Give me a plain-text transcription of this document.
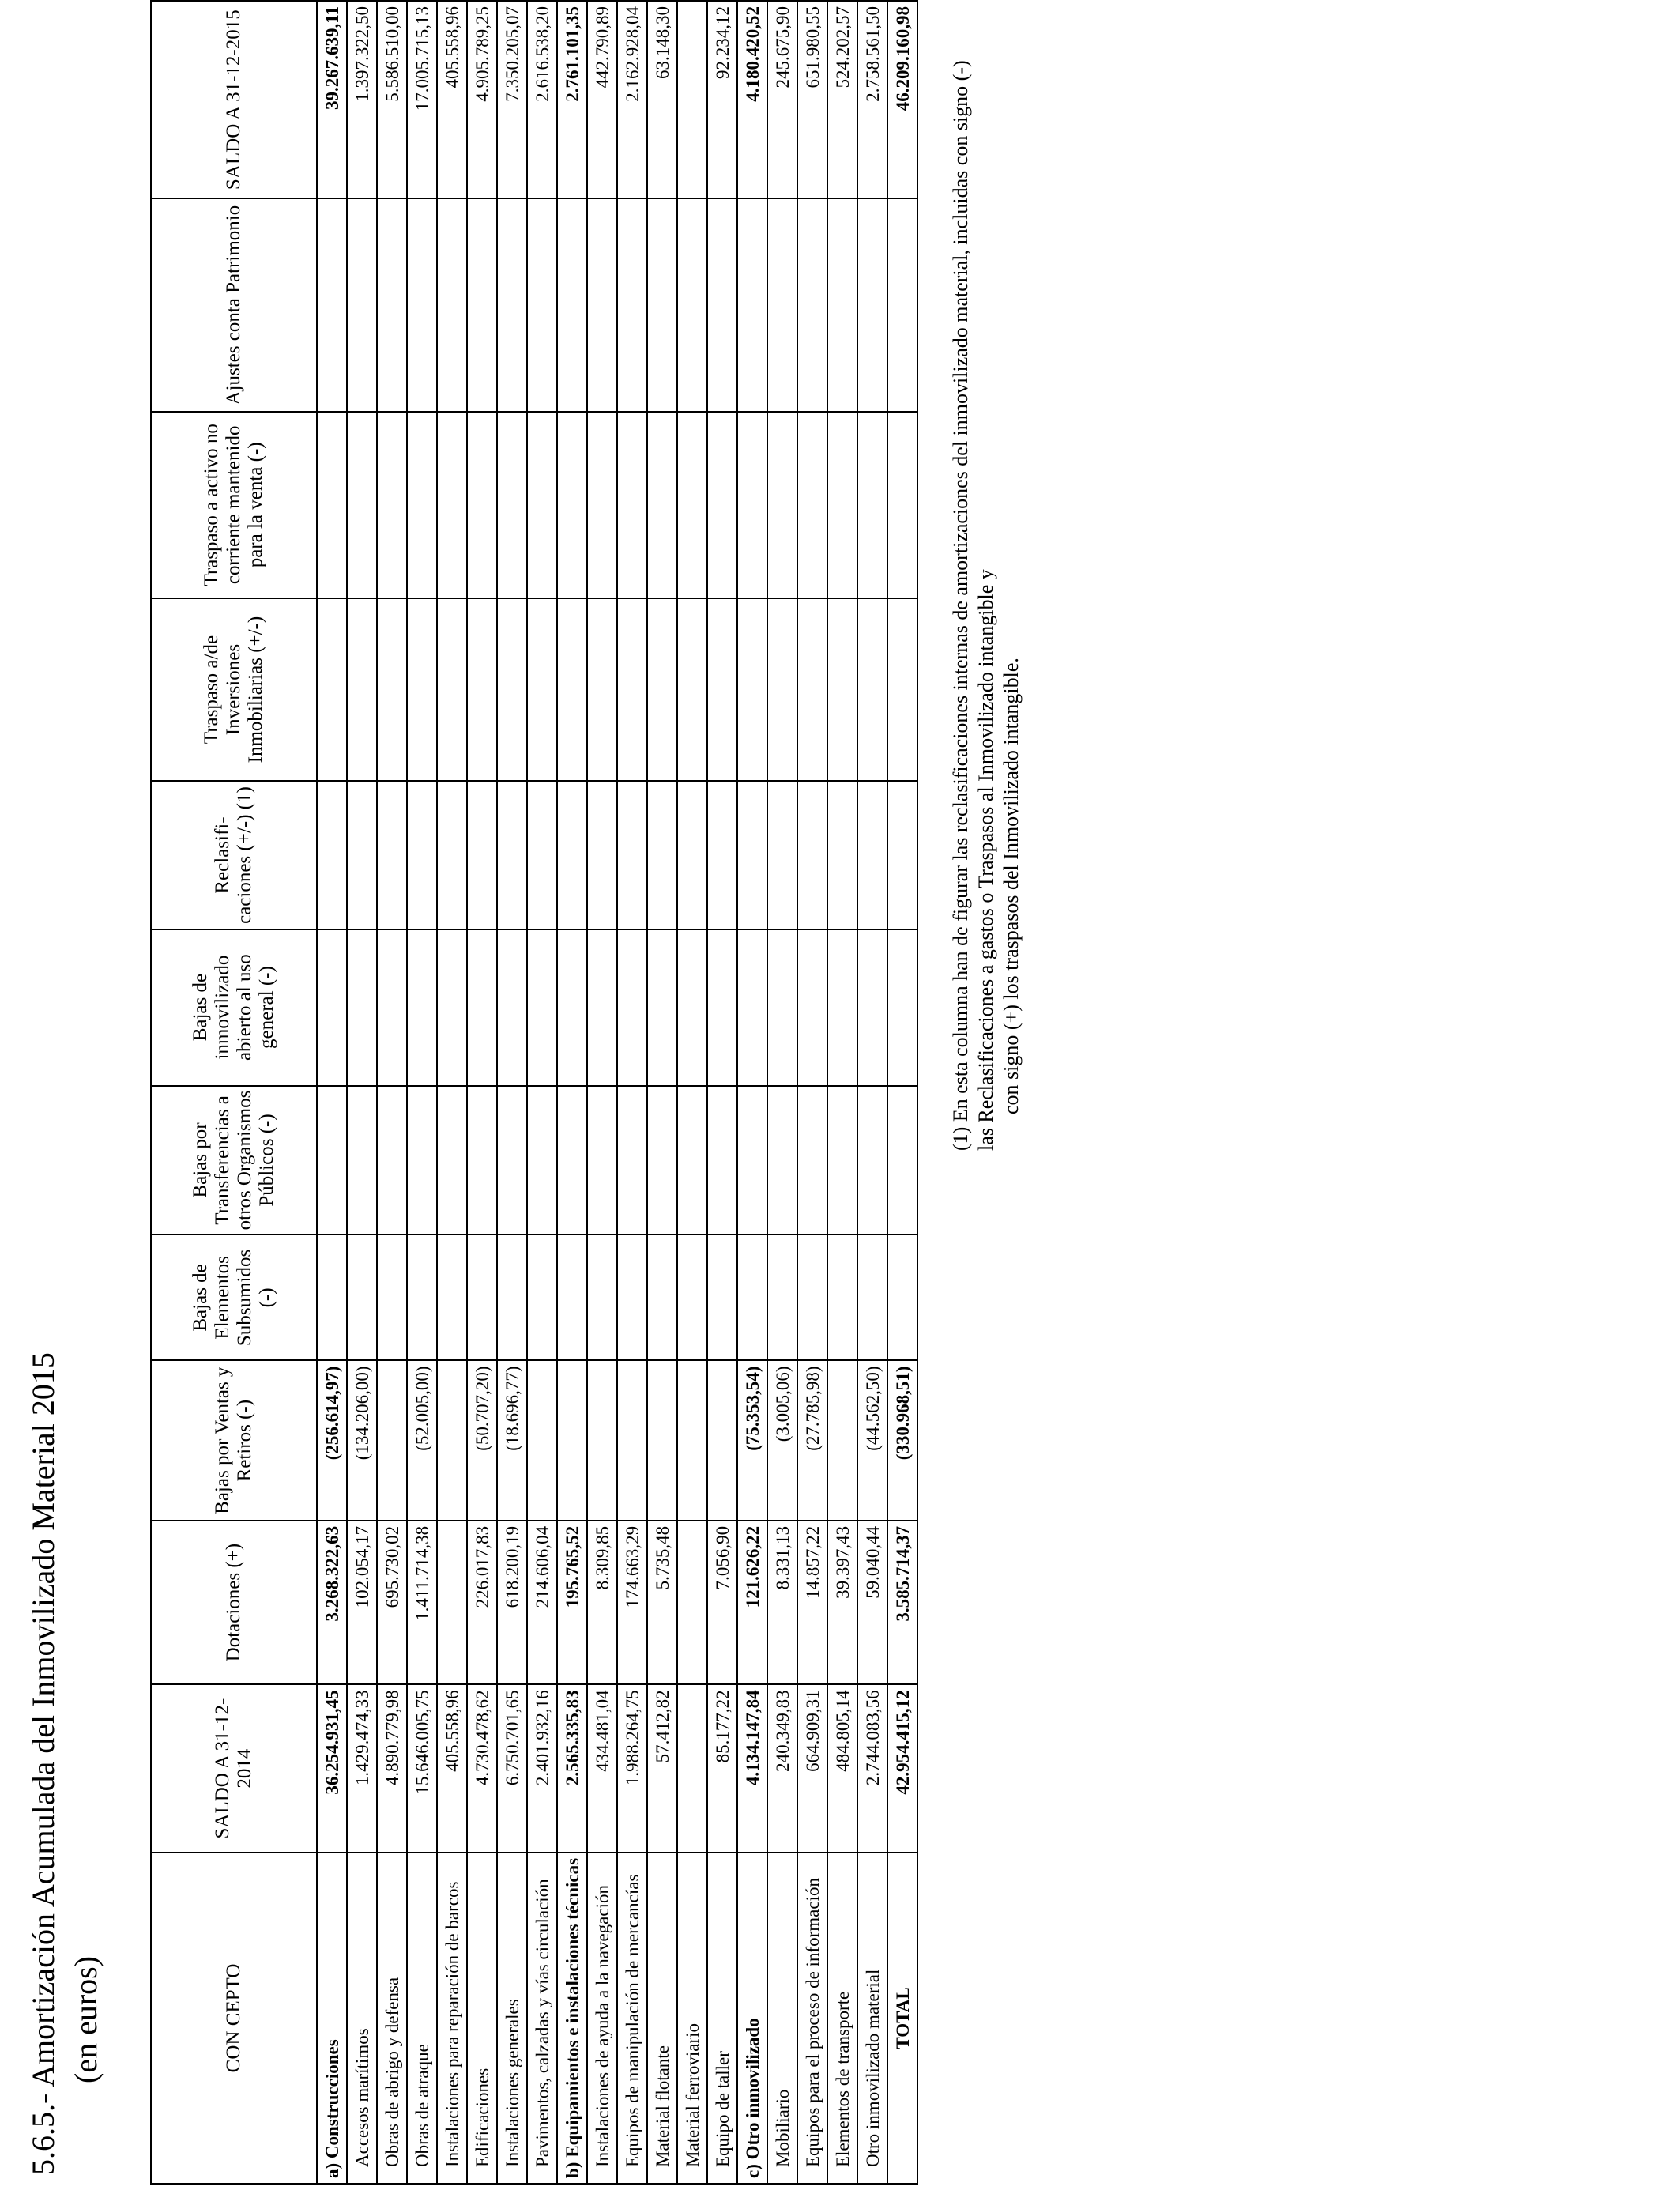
5.6.5.- Amortización Acumulada del Inmovilizado Material 2015 (en euros)	CON CEPTO	SALDO A 31-12-2014	Dotaciones (+)	Bajas por Ventas y Retiros (-)	Bajas de Elementos Subsumidos (-)	Bajas por Transferencias a otros Organismos Públicos (-)	Bajas de inmovilizado abierto al uso general (-)	Reclasifi-caciones (+/-) (1)	Traspaso a/de Inversiones Inmobiliarias (+/-)	Traspaso a activo no corriente mantenido para la venta (-)	Ajustes conta Patrimonio	SALDO A 31-12-2015
a) Construcciones	36.254.931,45	3.268.322,63	(256.614,97)								39.267.639,11
Accesos marítimos	1.429.474,33	102.054,17	(134.206,00)								1.397.322,50
Obras de abrigo y defensa	4.890.779,98	695.730,02									5.586.510,00
Obras de atraque	15.646.005,75	1.411.714,38	(52.005,00)								17.005.715,13
Instalaciones para reparación de barcos	405.558,96										405.558,96
Edificaciones	4.730.478,62	226.017,83	(50.707,20)								4.905.789,25
Instalaciones generales	6.750.701,65	618.200,19	(18.696,77)								7.350.205,07
Pavimentos, calzadas y vías circulación	2.401.932,16	214.606,04									2.616.538,20
b) Equipamientos e instalaciones técnicas	2.565.335,83	195.765,52									2.761.101,35
Instalaciones de ayuda a la navegación	434.481,04	8.309,85									442.790,89
Equipos de manipulación de mercancías	1.988.264,75	174.663,29									2.162.928,04
Material flotante	57.412,82	5.735,48									63.148,30
Material ferroviario											
Equipo de taller	85.177,22	7.056,90									92.234,12
c) Otro inmovilizado	4.134.147,84	121.626,22	(75.353,54)								4.180.420,52
Mobiliario	240.349,83	8.331,13	(3.005,06)								245.675,90
Equipos para el proceso de información	664.909,31	14.857,22	(27.785,98)								651.980,55
Elementos de transporte	484.805,14	39.397,43									524.202,57
Otro inmovilizado material	2.744.083,56	59.040,44	(44.562,50)								2.758.561,50
TOTAL	42.954.415,12	3.585.714,37	(330.968,51)								46.209.160,98
(1) En esta columna han de figurar las reclasificaciones internas de amortizaciones del inmovilizado material, incluidas con signo (-) las Reclasificaciones a gastos o Traspasos al Inmovilizado intangible y con signo (+) los traspasos del Inmovilizado intangible.
